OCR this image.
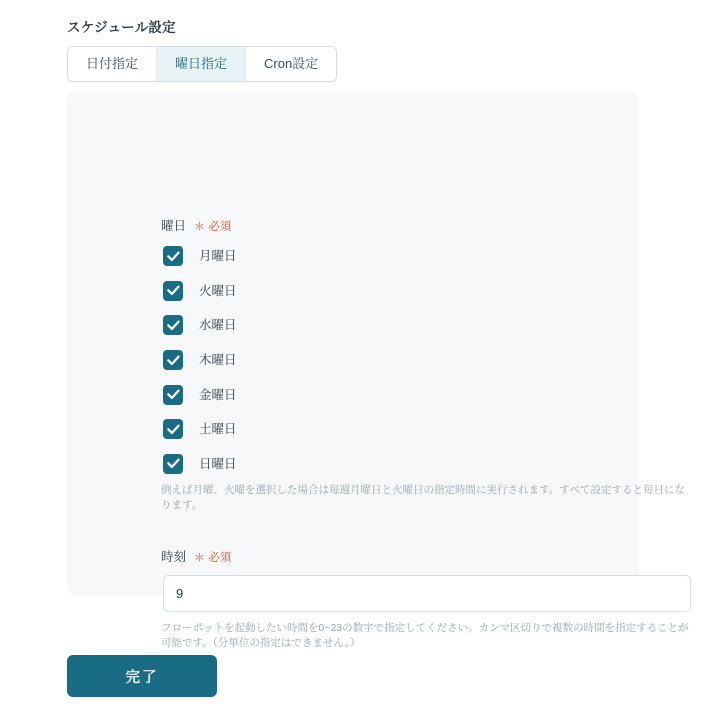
スケジュール設定
日付指定	曜日指定	Cron設定
曜日 ＊ 必須
月曜日
火曜日
水曜日
木曜日
金曜日
土曜日
日曜日
例えば月曜、火曜を選択した場合は毎週月曜日と火曜日の指定時間に実行されます。すべて設定すると毎日になります。
時刻 ＊ 必須
9
フローボットを起動したい時間を0~23の数字で指定してください。カンマ区切りで複数の時間を指定することが可能です。（分単位の指定はできません。）
完了
